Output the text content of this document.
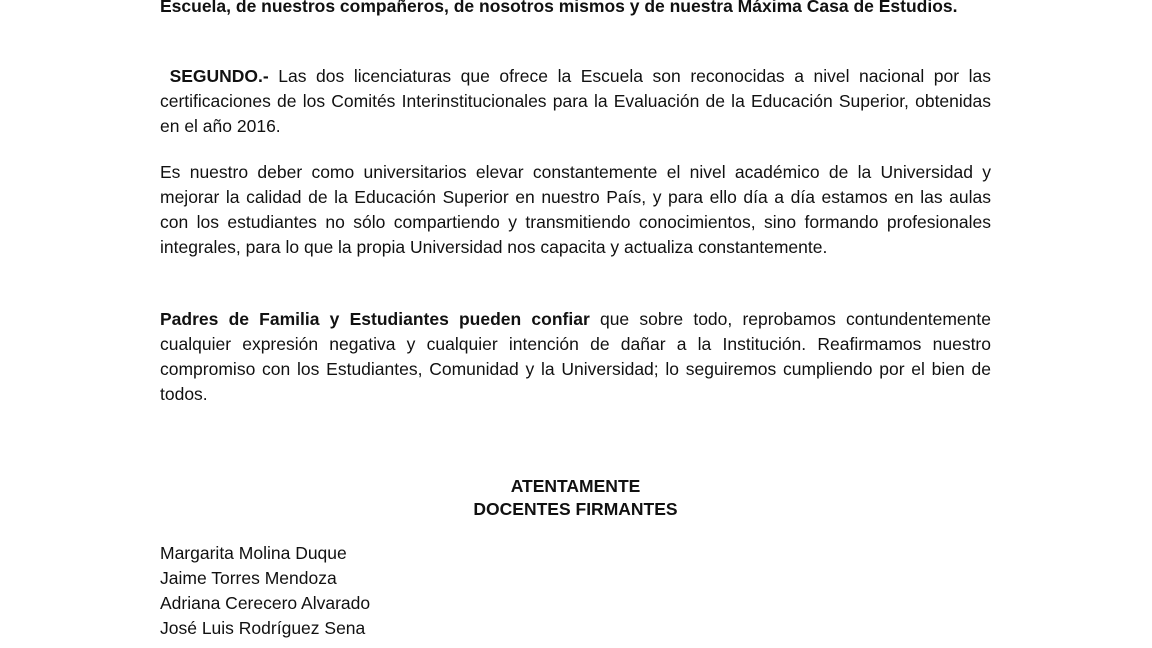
Escuela, de nuestros compañeros, de nosotros mismos y de nuestra Máxima Casa de Estudios.

SEGUNDO.- Las dos licenciaturas que ofrece la Escuela son reconocidas a nivel nacional por las certificaciones de los Comités Interinstitucionales para la Evaluación de la Educación Superior, obtenidas en el año 2016.

Es nuestro deber como universitarios elevar constantemente el nivel académico de la Universidad y mejorar la calidad de la Educación Superior en nuestro País, y para ello día a día estamos en las aulas con los estudiantes no sólo compartiendo y transmitiendo conocimientos, sino formando profesionales integrales, para lo que la propia Universidad nos capacita y actualiza constantemente.

Padres de Familia y Estudiantes pueden confiar que sobre todo, reprobamos contundentemente cualquier expresión negativa y cualquier intención de dañar a la Institución. Reafirmamos nuestro compromiso con los Estudiantes, Comunidad y la Universidad; lo seguiremos cumpliendo por el bien de todos.

ATENTAMENTE

DOCENTES FIRMANTES

Margarita Molina Duque
Jaime Torres Mendoza
Adriana Cerecero Alvarado
José Luis Rodríguez Sena
